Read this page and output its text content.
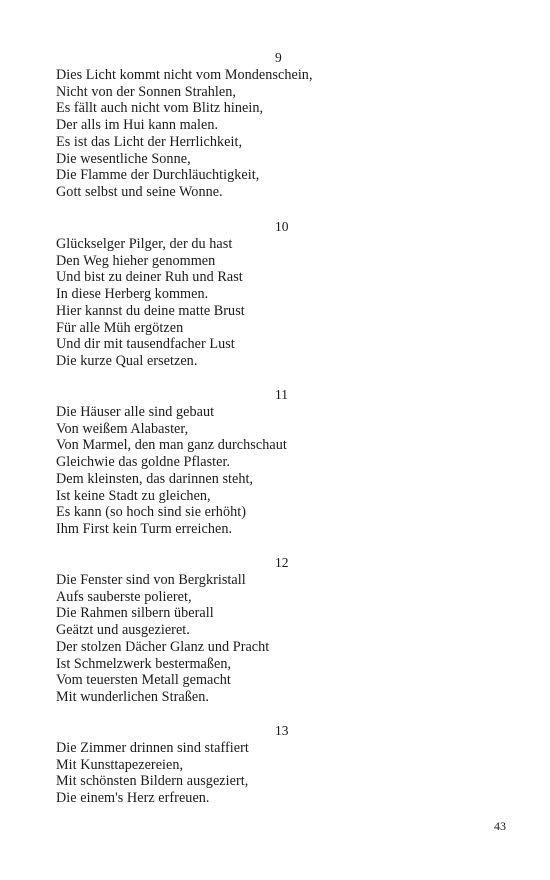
9
Dies Licht kommt nicht vom Mondenschein,
Nicht von der Sonnen Strahlen,
Es fällt auch nicht vom Blitz hinein,
Der alls im Hui kann malen.
Es ist das Licht der Herrlichkeit,
Die wesentliche Sonne,
Die Flamme der Durchläuchtigkeit,
Gott selbst und seine Wonne.
10
Glückselger Pilger, der du hast
Den Weg hieher genommen
Und bist zu deiner Ruh und Rast
In diese Herberg kommen.
Hier kannst du deine matte Brust
Für alle Müh ergötzen
Und dir mit tausendfacher Lust
Die kurze Qual ersetzen.
11
Die Häuser alle sind gebaut
Von weißem Alabaster,
Von Marmel, den man ganz durchschaut
Gleichwie das goldne Pflaster.
Dem kleinsten, das darinnen steht,
Ist keine Stadt zu gleichen,
Es kann (so hoch sind sie erhöht)
Ihm First kein Turm erreichen.
12
Die Fenster sind von Bergkristall
Aufs sauberste polieret,
Die Rahmen silbern überall
Geätzt und ausgezieret.
Der stolzen Dächer Glanz und Pracht
Ist Schmelzwerk bestermaßen,
Vom teuersten Metall gemacht
Mit wunderlichen Straßen.
13
Die Zimmer drinnen sind staffiert
Mit Kunsttapezereien,
Mit schönsten Bildern ausgeziert,
Die einem's Herz erfreuen.
43
